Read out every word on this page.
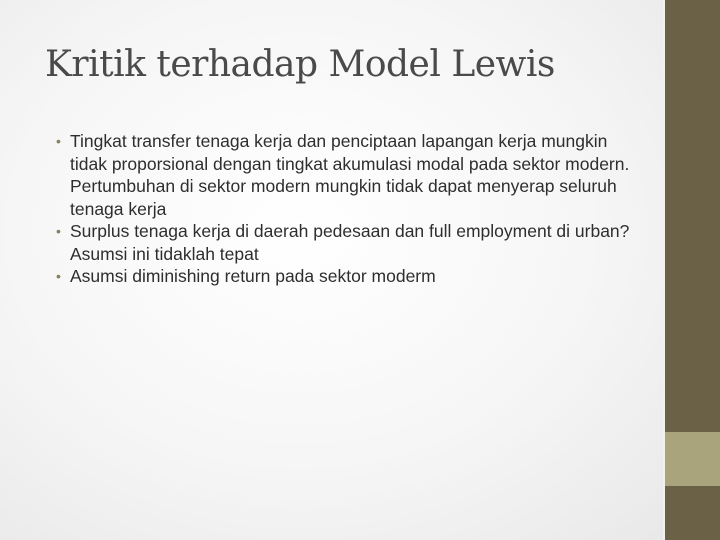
Kritik terhadap Model Lewis
• Tingkat transfer tenaga kerja dan penciptaan lapangan kerja mungkin tidak proporsional dengan tingkat akumulasi modal pada sektor modern. Pertumbuhan di sektor modern mungkin tidak dapat menyerap seluruh tenaga kerja
• Surplus tenaga kerja di daerah pedesaan dan full employment di urban? Asumsi ini tidaklah tepat
• Asumsi diminishing return pada sektor moderm
